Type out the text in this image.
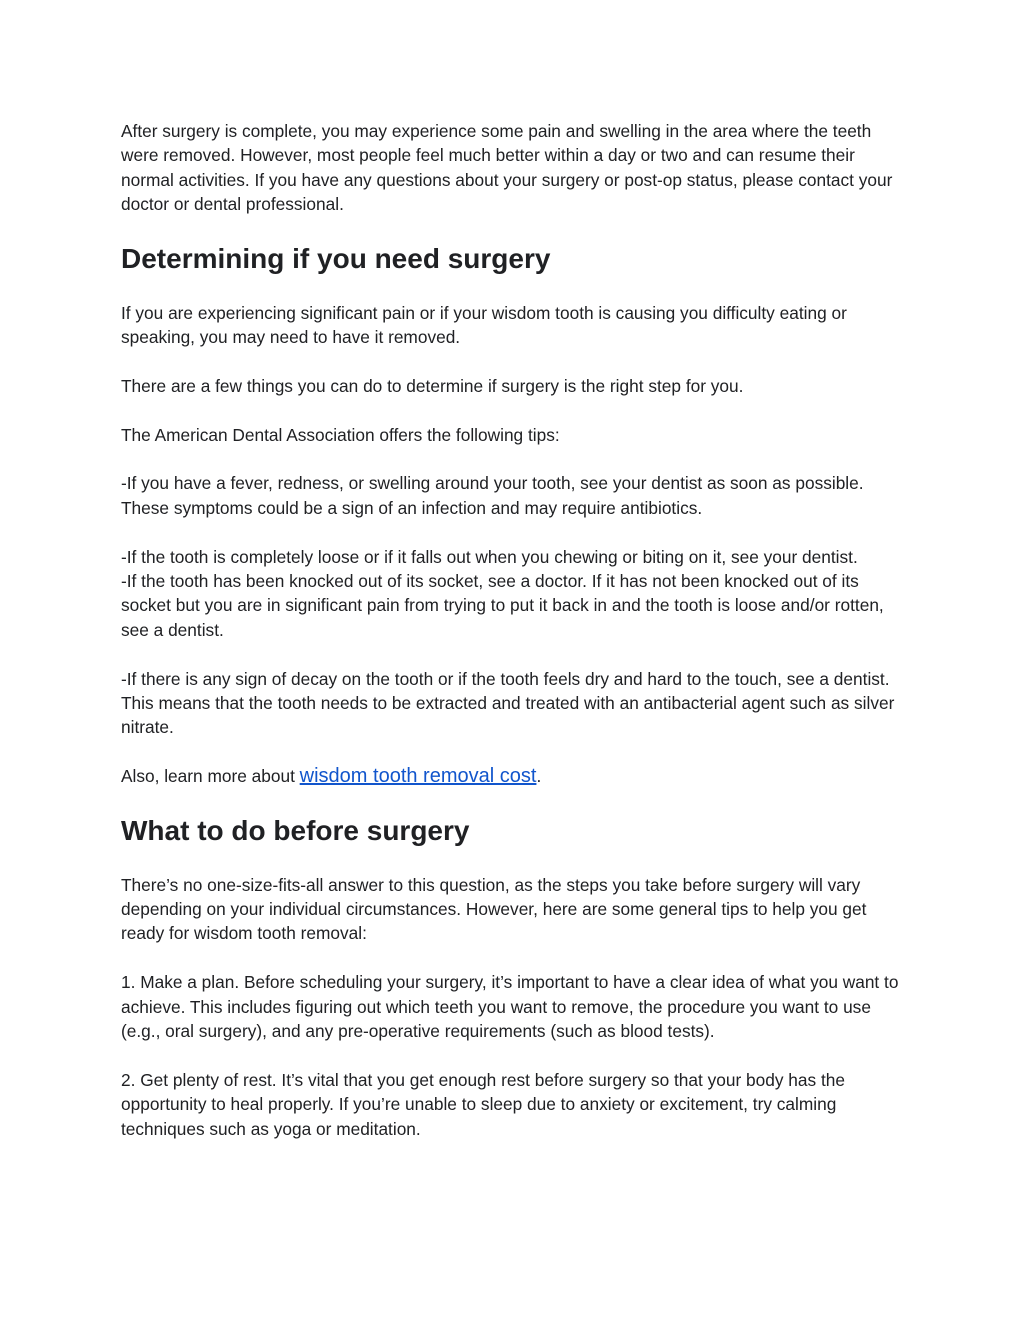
After surgery is complete, you may experience some pain and swelling in the area where the teeth were removed. However, most people feel much better within a day or two and can resume their normal activities. If you have any questions about your surgery or post-op status, please contact your doctor or dental professional.

Determining if you need surgery

If you are experiencing significant pain or if your wisdom tooth is causing you difficulty eating or speaking, you may need to have it removed.

There are a few things you can do to determine if surgery is the right step for you.

The American Dental Association offers the following tips:

-If you have a fever, redness, or swelling around your tooth, see your dentist as soon as possible. These symptoms could be a sign of an infection and may require antibiotics.

-If the tooth is completely loose or if it falls out when you chewing or biting on it, see your dentist.

-If the tooth has been knocked out of its socket, see a doctor. If it has not been knocked out of its socket but you are in significant pain from trying to put it back in and the tooth is loose and/or rotten, see a dentist.

-If there is any sign of decay on the tooth or if the tooth feels dry and hard to the touch, see a dentist. This means that the tooth needs to be extracted and treated with an antibacterial agent such as silver nitrate.

Also, learn more about wisdom tooth removal cost.

What to do before surgery

There’s no one-size-fits-all answer to this question, as the steps you take before surgery will vary depending on your individual circumstances. However, here are some general tips to help you get ready for wisdom tooth removal:

1. Make a plan. Before scheduling your surgery, it’s important to have a clear idea of what you want to achieve. This includes figuring out which teeth you want to remove, the procedure you want to use (e.g., oral surgery), and any pre-operative requirements (such as blood tests).

2. Get plenty of rest. It’s vital that you get enough rest before surgery so that your body has the opportunity to heal properly. If you’re unable to sleep due to anxiety or excitement, try calming techniques such as yoga or meditation.
